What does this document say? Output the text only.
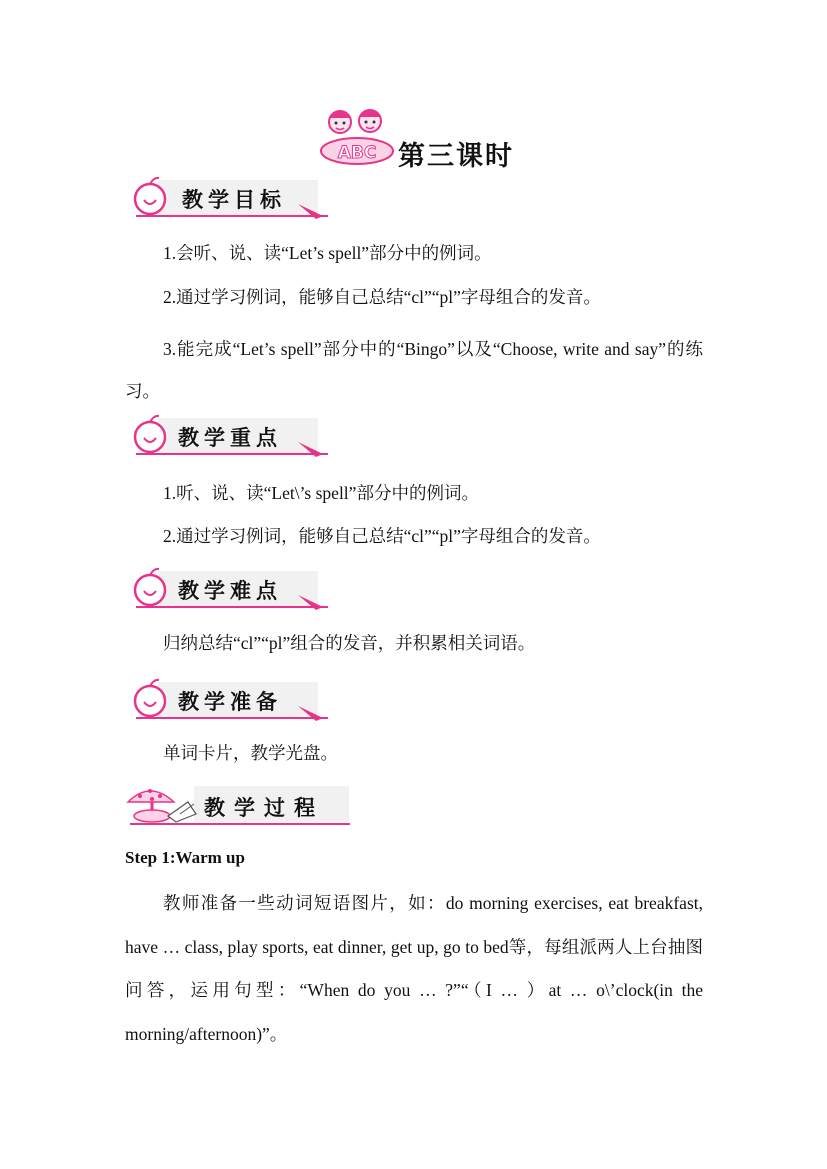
ABC 第三课时
教学目标
1.会听、说、读“Let’s spell”部分中的例词。
2.通过学习例词，能够自己总结“cl”“pl”字母组合的发音。
3.能完成“Let’s spell”部分中的“Bingo”以及“Choose, write and say”的练习。
教学重点
1.听、说、读“Let\’s spell”部分中的例词。
2.通过学习例词，能够自己总结“cl”“pl”字母组合的发音。
教学难点
归纳总结“cl”“pl”组合的发音，并积累相关词语。
教学准备
单词卡片，教学光盘。
教学过程
Step 1:Warm up
教师准备一些动词短语图片，如：do morning exercises, eat breakfast, have … class, play sports, eat dinner, get up, go to bed等，每组派两人上台抽图问答，运用句型：“When do you … ?”“（I … ）at … o\’clock(in the morning/afternoon)”。
